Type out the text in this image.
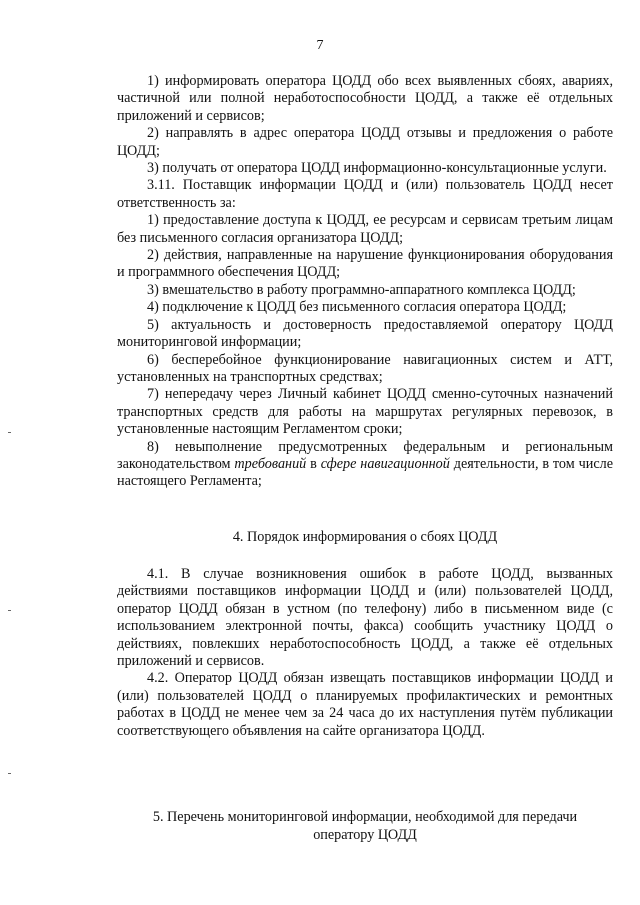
7

1) информировать оператора ЦОДД обо всех выявленных сбоях, авариях, частичной или полной неработоспособности ЦОДД, а также её отдельных приложений и сервисов;

2) направлять в адрес оператора ЦОДД отзывы и предложения о работе ЦОДД;

3) получать от оператора ЦОДД информационно-консультационные услуги.

3.11. Поставщик информации ЦОДД и (или) пользователь ЦОДД несет ответственность за:

1) предоставление доступа к ЦОДД, ее ресурсам и сервисам третьим лицам без письменного согласия организатора ЦОДД;

2) действия, направленные на нарушение функционирования оборудования и программного обеспечения ЦОДД;

3) вмешательство в работу программно-аппаратного комплекса ЦОДД;

4) подключение к ЦОДД без письменного согласия оператора ЦОДД;

5) актуальность и достоверность предоставляемой оператору ЦОДД мониторинговой информации;

6) бесперебойное функционирование навигационных систем и АТТ, установленных на транспортных средствах;

7) непередачу через Личный кабинет ЦОДД сменно-суточных назначений транспортных средств для работы на маршрутах регулярных перевозок, в установленные настоящим Регламентом сроки;

8) невыполнение предусмотренных федеральным и региональным законодательством требований в сфере навигационной деятельности, в том числе настоящего Регламента;

4. Порядок информирования о сбоях ЦОДД

4.1. В случае возникновения ошибок в работе ЦОДД, вызванных действиями поставщиков информации ЦОДД и (или) пользователей ЦОДД, оператор ЦОДД обязан в устном (по телефону) либо в письменном виде (с использованием электронной почты, факса) сообщить участнику ЦОДД о действиях, повлекших неработоспособность ЦОДД, а также её отдельных приложений и сервисов.

4.2. Оператор ЦОДД обязан извещать поставщиков информации ЦОДД и (или) пользователей ЦОДД о планируемых профилактических и ремонтных работах в ЦОДД не менее чем за 24 часа до их наступления путём публикации соответствующего объявления на сайте организатора ЦОДД.

5. Перечень мониторинговой информации, необходимой для передачи
оператору ЦОДД
